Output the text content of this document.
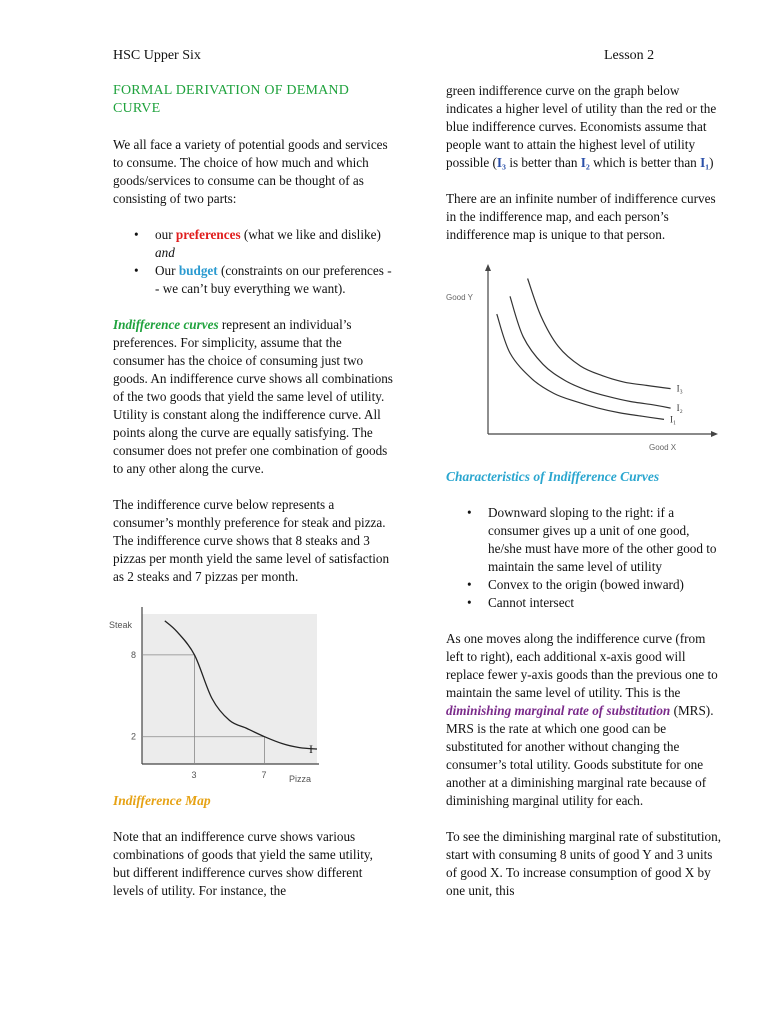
HSC Upper Six	Lesson 2

FORMAL DERIVATION OF DEMAND CURVE

We all face a variety of potential goods and services to consume. The choice of how much and which goods/services to consume can be thought of as consisting of two parts:

• our preferences (what we like and dislike) and
• Our budget (constraints on our preferences -- we can’t buy everything we want).

Indifference curves represent an individual’s preferences. For simplicity, assume that the consumer has the choice of consuming just two goods. An indifference curve shows all combinations of the two goods that yield the same level of utility. Utility is constant along the indifference curve. All points along the curve are equally satisfying. The consumer does not prefer one combination of goods to any other along the curve.

The indifference curve below represents a consumer’s monthly preference for steak and pizza. The indifference curve shows that 8 steaks and 3 pizzas per month yield the same level of satisfaction as 2 steaks and 7 pizzas per month.

Steak
Pizza
3	7
8
2
I

Indifference Map

Note that an indifference curve shows various combinations of goods that yield the same utility, but different indifference curves show different levels of utility. For instance, the

green indifference curve on the graph below indicates a higher level of utility than the red or the blue indifference curves. Economists assume that people want to attain the highest level of utility possible (I₃ is better than I₂ which is better than I₁)

There are an infinite number of indifference curves in the indifference map, and each person’s indifference map is unique to that person.

Good Y
Good X
I₁
I₂
I₃

Characteristics of Indifference Curves

• Downward sloping to the right: if a consumer gives up a unit of one good, he/she must have more of the other good to maintain the same level of utility
• Convex to the origin (bowed inward)
• Cannot intersect

As one moves along the indifference curve (from left to right), each additional x-axis good will replace fewer y-axis goods than the previous one to maintain the same level of utility. This is the diminishing marginal rate of substitution (MRS). MRS is the rate at which one good can be substituted for another without changing the consumer’s total utility. Goods substitute for one another at a diminishing marginal rate because of diminishing marginal utility for each.

To see the diminishing marginal rate of substitution, start with consuming 8 units of good Y and 3 units of good X. To increase consumption of good X by one unit, this
